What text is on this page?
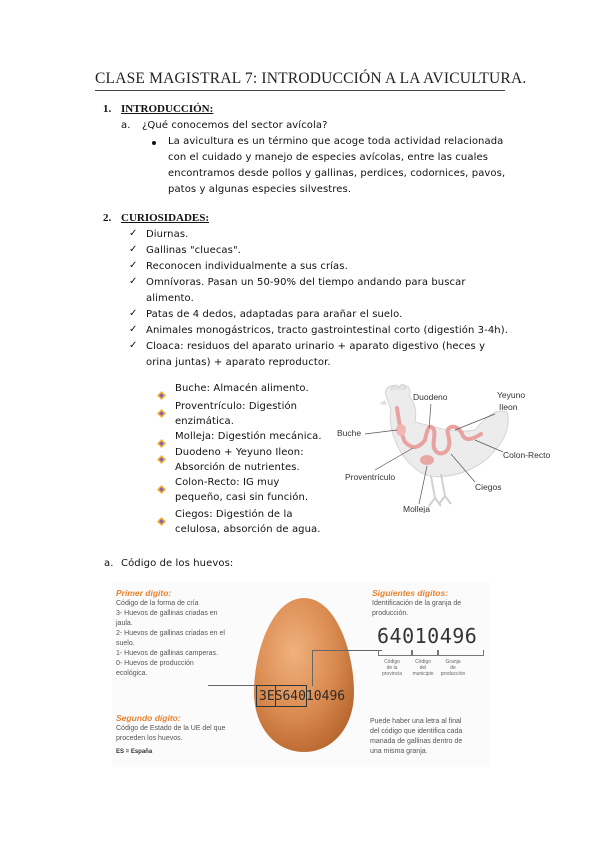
CLASE MAGISTRAL 7: INTRODUCCIÓN A LA AVICULTURA.
1. INTRODUCCIÓN:
a. ¿Qué conocemos del sector avícola?
La avicultura es un término que acoge toda actividad relacionada
con el cuidado y manejo de especies avícolas, entre las cuales
encontramos desde pollos y gallinas, perdices, codornices, pavos,
patos y algunas especies silvestres.
2. CURIOSIDADES:
✓ Diurnas.
✓ Gallinas "cluecas".
✓ Reconocen individualmente a sus crías.
✓ Omnívoras. Pasan un 50-90% del tiempo andando para buscar
alimento.
✓ Patas de 4 dedos, adaptadas para arañar el suelo.
✓ Animales monogástricos, tracto gastrointestinal corto (digestión 3-4h).
✓ Cloaca: residuos del aparato urinario + aparato digestivo (heces y
orina juntas) + aparato reproductor.
Buche: Almacén alimento.
Proventrículo: Digestión
enzimática.
Molleja: Digestión mecánica.
Duodeno + Yeyuno Ileon:
Absorción de nutrientes.
Colon-Recto: IG muy
pequeño, casi sin función.
Ciegos: Digestión de la
celulosa, absorción de agua.
Duodeno	Yeyuno
Ileon
Buche
Colon-Recto
Proventrículo
Ciegos
Molleja
a. Código de los huevos:
3ES64010496
Primer dígito:
Código de la forma de cría
3- Huevos de gallinas criadas en
jaula.
2- Huevos de gallinas criadas en el
suelo.
1- Huevos de gallinas camperas.
0- Huevos de producción
ecológica.
Segundo dígito:
Código de Estado de la UE del que
proceden los huevos.
ES = España
Siguientes dígitos:
Identificación de la granja de
producción.
64010496
Código
de la
provincia
Código
del
municipio
Granja
de
producción
Puede haber una letra al final
del código que identifica cada
manada de gallinas dentro de
una misma granja.
